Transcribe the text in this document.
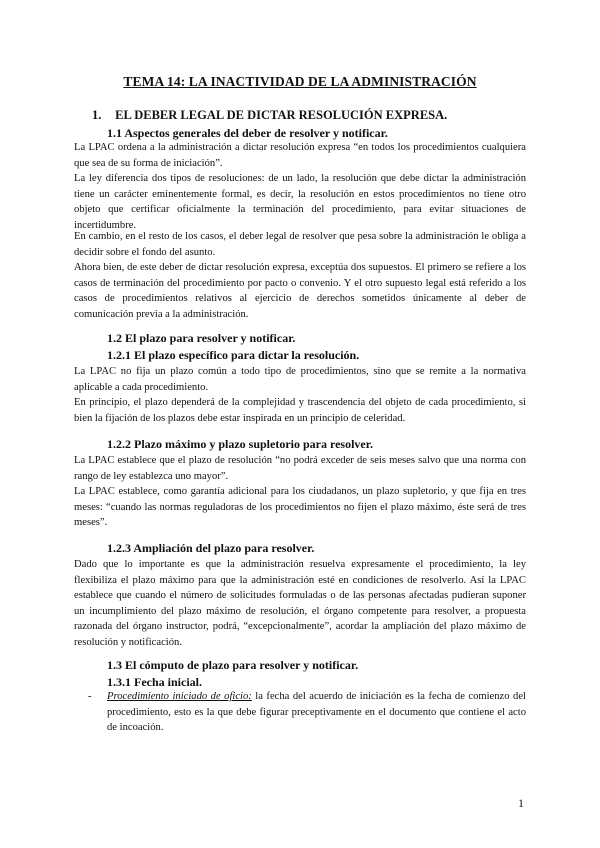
TEMA 14: LA INACTIVIDAD DE LA ADMINISTRACIÓN
1. EL DEBER LEGAL DE DICTAR RESOLUCIÓN EXPRESA.
1.1 Aspectos generales del deber de resolver y notificar.

La LPAC ordena a la administración a dictar resolución expresa “en todos los procedimientos cualquiera que sea de su forma de iniciación”.

La ley diferencia dos tipos de resoluciones: de un lado, la resolución que debe dictar la administración tiene un carácter eminentemente formal, es decir, la resolución en estos procedimientos no tiene otro objeto que certificar oficialmente la terminación del procedimiento, para evitar situaciones de incertidumbre.

En cambio, en el resto de los casos, el deber legal de resolver que pesa sobre la administración le obliga a decidir sobre el fondo del asunto.

Ahora bien, de este deber de dictar resolución expresa, exceptúa dos supuestos. El primero se refiere a los casos de terminación del procedimiento por pacto o convenio. Y el otro supuesto legal está referido a los casos de procedimientos relativos al ejercicio de derechos sometidos únicamente al deber de comunicación previa a la administración.

1.2 El plazo para resolver y notificar.
1.2.1 El plazo específico para dictar la resolución.

La LPAC no fija un plazo común a todo tipo de procedimientos, sino que se remite a la normativa aplicable a cada procedimiento.

En principio, el plazo dependerá de la complejidad y trascendencia del objeto de cada procedimiento, si bien la fijación de los plazos debe estar inspirada en un principio de celeridad.

1.2.2 Plazo máximo y plazo supletorio para resolver.

La LPAC establece que el plazo de resolución “no podrá exceder de seis meses salvo que una norma con rango de ley establezca uno mayor”.

La LPAC establece, como garantía adicional para los ciudadanos, un plazo supletorio, y que fija en tres meses: “cuando las normas reguladoras de los procedimientos no fijen el plazo máximo, éste será de tres meses”.

1.2.3 Ampliación del plazo para resolver.

Dado que lo importante es que la administración resuelva expresamente el procedimiento, la ley flexibiliza el plazo máximo para que la administración esté en condiciones de resolverlo. Así la LPAC establece que cuando el número de solicitudes formuladas o de las personas afectadas pudieran suponer un incumplimiento del plazo máximo de resolución, el órgano competente para resolver, a propuesta razonada del órgano instructor, podrá, “excepcionalmente”, acordar la ampliación del plazo máximo de resolución y notificación.

1.3 El cómputo de plazo para resolver y notificar.
1.3.1 Fecha inicial.
- Procedimiento iniciado de oficio: la fecha del acuerdo de iniciación es la fecha de comienzo del procedimiento, esto es la que debe figurar preceptivamente en el documento que contiene el acto de incoación.
1
